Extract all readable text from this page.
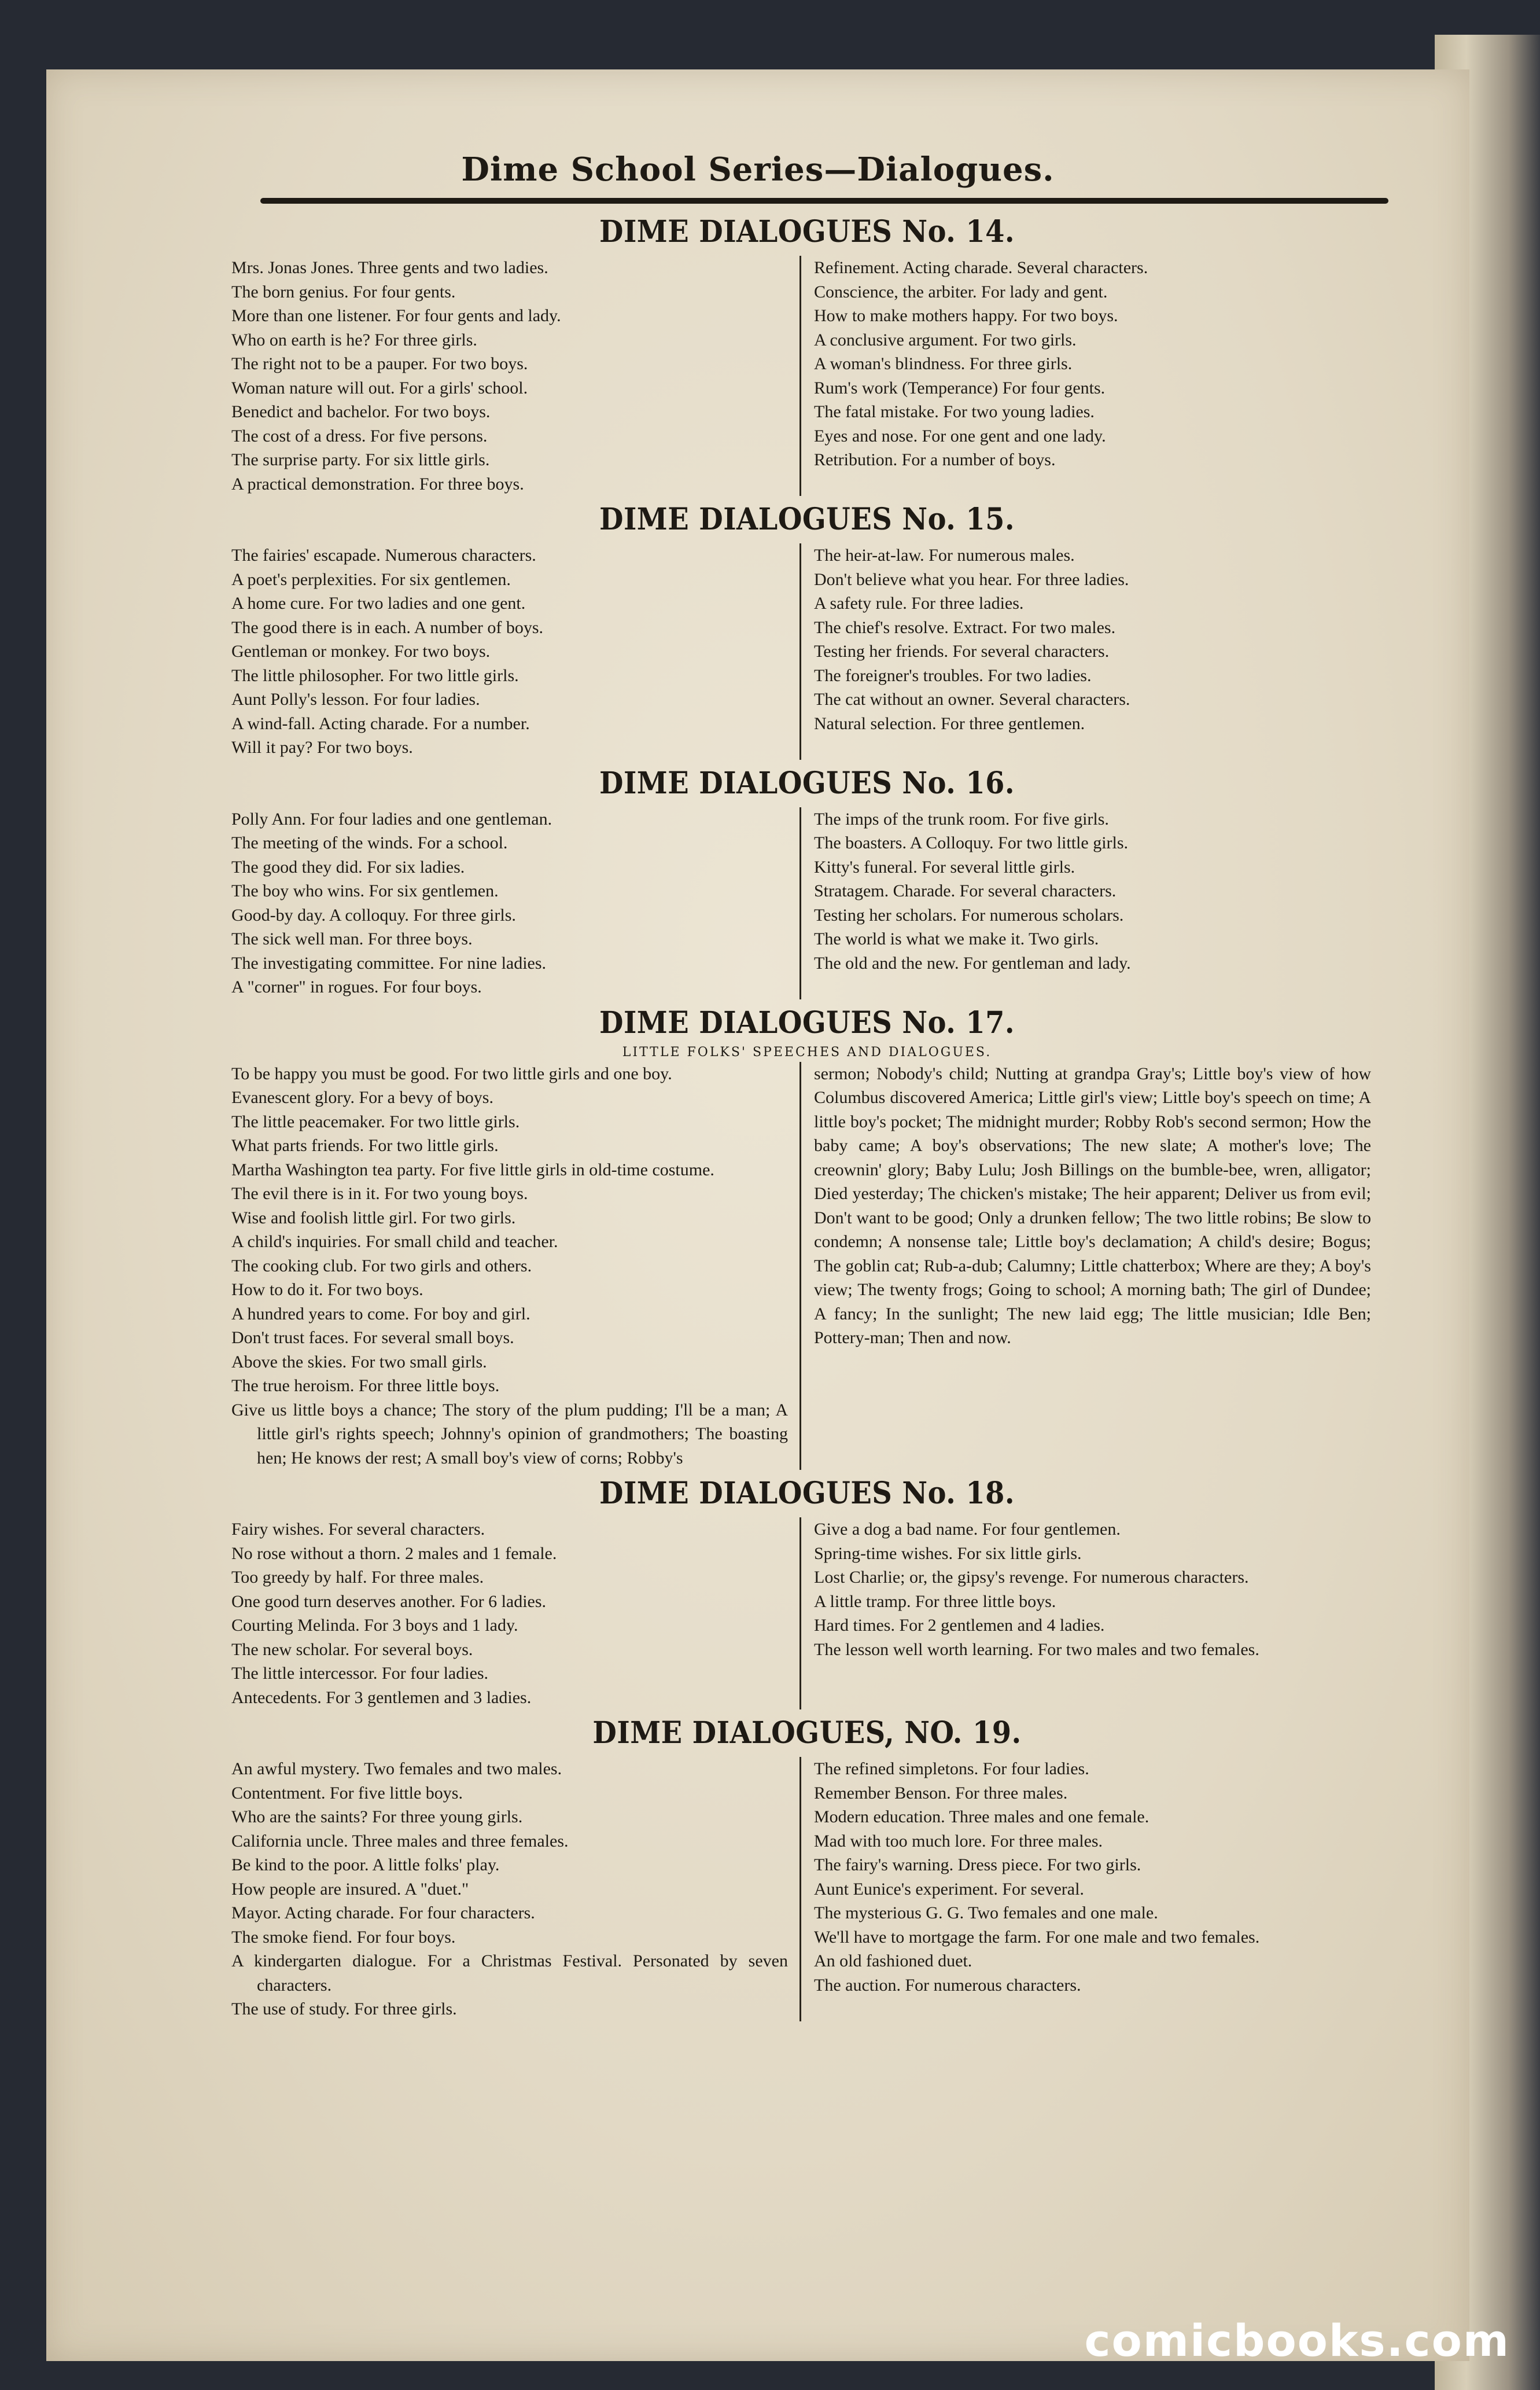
Dime School Series—Dialogues.
DIME DIALOGUES No. 14.
Mrs. Jonas Jones. Three gents and two ladies.
The born genius. For four gents.
More than one listener. For four gents and lady.
Who on earth is he? For three girls.
The right not to be a pauper. For two boys.
Woman nature will out. For a girls' school.
Benedict and bachelor. For two boys.
The cost of a dress. For five persons.
The surprise party. For six little girls.
A practical demonstration. For three boys.
Refinement. Acting charade. Several characters.
Conscience, the arbiter. For lady and gent.
How to make mothers happy. For two boys.
A conclusive argument. For two girls.
A woman's blindness. For three girls.
Rum's work (Temperance) For four gents.
The fatal mistake. For two young ladies.
Eyes and nose. For one gent and one lady.
Retribution. For a number of boys.
DIME DIALOGUES No. 15.
The fairies' escapade. Numerous characters.
A poet's perplexities. For six gentlemen.
A home cure. For two ladies and one gent.
The good there is in each. A number of boys.
Gentleman or monkey. For two boys.
The little philosopher. For two little girls.
Aunt Polly's lesson. For four ladies.
A wind-fall. Acting charade. For a number.
Will it pay? For two boys.
The heir-at-law. For numerous males.
Don't believe what you hear. For three ladies.
A safety rule. For three ladies.
The chief's resolve. Extract. For two males.
Testing her friends. For several characters.
The foreigner's troubles. For two ladies.
The cat without an owner. Several characters.
Natural selection. For three gentlemen.
DIME DIALOGUES No. 16.
Polly Ann. For four ladies and one gentleman.
The meeting of the winds. For a school.
The good they did. For six ladies.
The boy who wins. For six gentlemen.
Good-by day. A colloquy. For three girls.
The sick well man. For three boys.
The investigating committee. For nine ladies.
A "corner" in rogues. For four boys.
The imps of the trunk room. For five girls.
The boasters. A Colloquy. For two little girls.
Kitty's funeral. For several little girls.
Stratagem. Charade. For several characters.
Testing her scholars. For numerous scholars.
The world is what we make it. Two girls.
The old and the new. For gentleman and lady.
DIME DIALOGUES No. 17.
LITTLE FOLKS' SPEECHES AND DIALOGUES.
To be happy you must be good. For two little girls and one boy.
Evanescent glory. For a bevy of boys.
The little peacemaker. For two little girls.
What parts friends. For two little girls.
Martha Washington tea party. For five little girls in old-time costume.
The evil there is in it. For two young boys.
Wise and foolish little girl. For two girls.
A child's inquiries. For small child and teacher.
The cooking club. For two girls and others.
How to do it. For two boys.
A hundred years to come. For boy and girl.
Don't trust faces. For several small boys.
Above the skies. For two small girls.
The true heroism. For three little boys.
Give us little boys a chance; The story of the plum pudding; I'll be a man; A little girl's rights speech; Johnny's opinion of grandmothers; The boasting hen; He knows der rest; A small boy's view of corns; Robby's
sermon; Nobody's child; Nutting at grandpa Gray's; Little boy's view of how Columbus discovered America; Little girl's view; Little boy's speech on time; A little boy's pocket; The midnight murder; Robby Rob's second sermon; How the baby came; A boy's observations; The new slate; A mother's love; The creownin' glory; Baby Lulu; Josh Billings on the bumble-bee, wren, alligator; Died yesterday; The chicken's mistake; The heir apparent; Deliver us from evil; Don't want to be good; Only a drunken fellow; The two little robins; Be slow to condemn; A nonsense tale; Little boy's declamation; A child's desire; Bogus; The goblin cat; Rub-a-dub; Calumny; Little chatterbox; Where are they; A boy's view; The twenty frogs; Going to school; A morning bath; The girl of Dundee; A fancy; In the sunlight; The new laid egg; The little musician; Idle Ben; Pottery-man; Then and now.
DIME DIALOGUES No. 18.
Fairy wishes. For several characters.
No rose without a thorn. 2 males and 1 female.
Too greedy by half. For three males.
One good turn deserves another. For 6 ladies.
Courting Melinda. For 3 boys and 1 lady.
The new scholar. For several boys.
The little intercessor. For four ladies.
Antecedents. For 3 gentlemen and 3 ladies.
Give a dog a bad name. For four gentlemen.
Spring-time wishes. For six little girls.
Lost Charlie; or, the gipsy's revenge. For numerous characters.
A little tramp. For three little boys.
Hard times. For 2 gentlemen and 4 ladies.
The lesson well worth learning. For two males and two females.
DIME DIALOGUES, NO. 19.
An awful mystery. Two females and two males.
Contentment. For five little boys.
Who are the saints? For three young girls.
California uncle. Three males and three females.
Be kind to the poor. A little folks' play.
How people are insured. A "duet."
Mayor. Acting charade. For four characters.
The smoke fiend. For four boys.
A kindergarten dialogue. For a Christmas Festival. Personated by seven characters.
The use of study. For three girls.
The refined simpletons. For four ladies.
Remember Benson. For three males.
Modern education. Three males and one female.
Mad with too much lore. For three males.
The fairy's warning. Dress piece. For two girls.
Aunt Eunice's experiment. For several.
The mysterious G. G. Two females and one male.
We'll have to mortgage the farm. For one male and two females.
An old fashioned duet.
The auction. For numerous characters.
comicbooks.com
